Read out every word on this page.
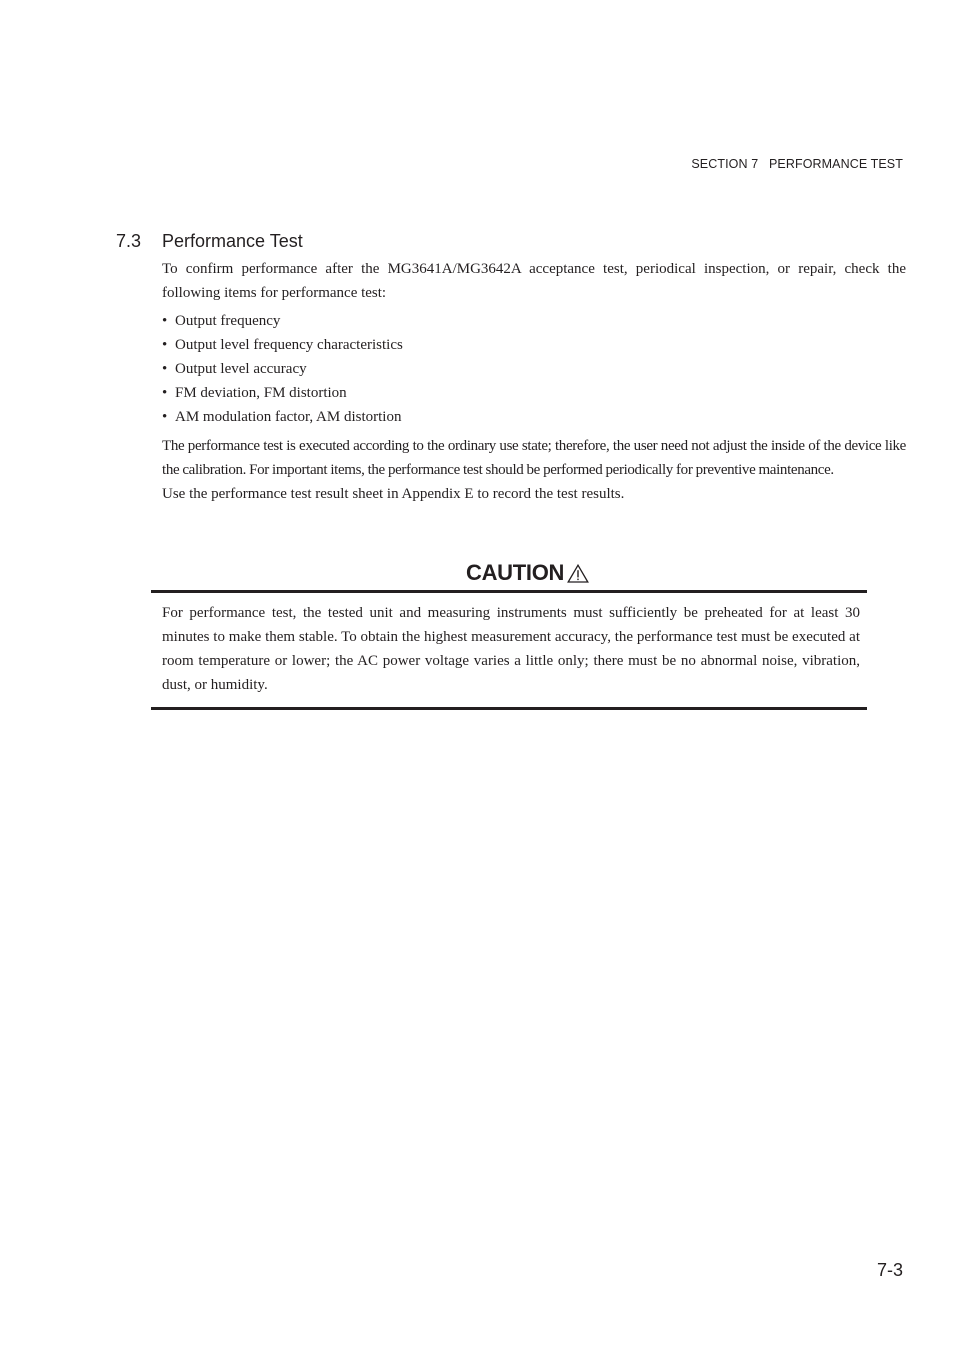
SECTION 7   PERFORMANCE TEST
7.3 Performance Test

To confirm performance after the MG3641A/MG3642A acceptance test, periodical inspection, or repair, check the following items for performance test:

• Output frequency
• Output level frequency characteristics
• Output level accuracy
• FM deviation, FM distortion
• AM modulation factor, AM distortion

The performance test is executed according to the ordinary use state; therefore, the user need not adjust the inside of the device like the calibration. For important items, the performance test should be performed periodically for preventive maintenance.

Use the performance test result sheet in Appendix E to record the test results.

CAUTION

For performance test, the tested unit and measuring instruments must sufficiently be preheated for at least 30 minutes to make them stable. To obtain the highest measurement accuracy, the performance test must be executed at room temperature or lower; the AC power voltage varies a little only; there must be no abnormal noise, vibration, dust, or humidity.

7-3
